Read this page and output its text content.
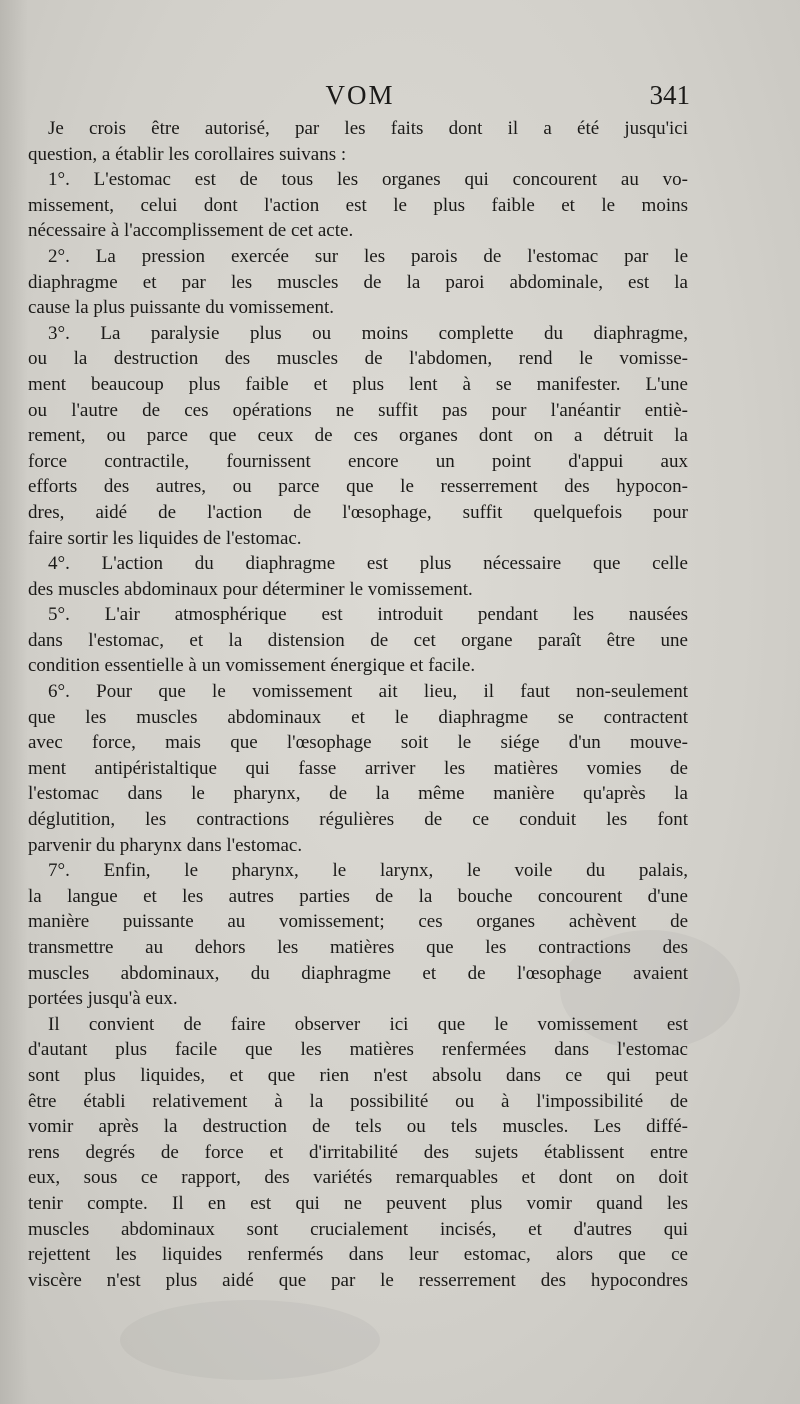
VOM	341
Je crois être autorisé, par les faits dont il a été jusqu'ici
question, a établir les corollaires suivans :
1°. L'estomac est de tous les organes qui concourent au vo-
missement, celui dont l'action est le plus faible et le moins
nécessaire à l'accomplissement de cet acte.
2°. La pression exercée sur les parois de l'estomac par le
diaphragme et par les muscles de la paroi abdominale, est la
cause la plus puissante du vomissement.
3°. La paralysie plus ou moins complette du diaphragme,
ou la destruction des muscles de l'abdomen, rend le vomisse-
ment beaucoup plus faible et plus lent à se manifester. L'une
ou l'autre de ces opérations ne suffit pas pour l'anéantir entiè-
rement, ou parce que ceux de ces organes dont on a détruit la
force contractile, fournissent encore un point d'appui aux
efforts des autres, ou parce que le resserrement des hypocon-
dres, aidé de l'action de l'œsophage, suffit quelquefois pour
faire sortir les liquides de l'estomac.
4°. L'action du diaphragme est plus nécessaire que celle
des muscles abdominaux pour déterminer le vomissement.
5°. L'air atmosphérique est introduit pendant les nausées
dans l'estomac, et la distension de cet organe paraît être une
condition essentielle à un vomissement énergique et facile.
6°. Pour que le vomissement ait lieu, il faut non-seulement
que les muscles abdominaux et le diaphragme se contractent
avec force, mais que l'œsophage soit le siége d'un mouve-
ment antipéristaltique qui fasse arriver les matières vomies de
l'estomac dans le pharynx, de la même manière qu'après la
déglutition, les contractions régulières de ce conduit les font
parvenir du pharynx dans l'estomac.
7°. Enfin, le pharynx, le larynx, le voile du palais,
la langue et les autres parties de la bouche concourent d'une
manière puissante au vomissement; ces organes achèvent de
transmettre au dehors les matières que les contractions des
muscles abdominaux, du diaphragme et de l'œsophage avaient
portées jusqu'à eux.
Il convient de faire observer ici que le vomissement est
d'autant plus facile que les matières renfermées dans l'estomac
sont plus liquides, et que rien n'est absolu dans ce qui peut
être établi relativement à la possibilité ou à l'impossibilité de
vomir après la destruction de tels ou tels muscles. Les diffé-
rens degrés de force et d'irritabilité des sujets établissent entre
eux, sous ce rapport, des variétés remarquables et dont on doit
tenir compte. Il en est qui ne peuvent plus vomir quand les
muscles abdominaux sont crucialement incisés, et d'autres qui
rejettent les liquides renfermés dans leur estomac, alors que ce
viscère n'est plus aidé que par le resserrement des hypocondres
